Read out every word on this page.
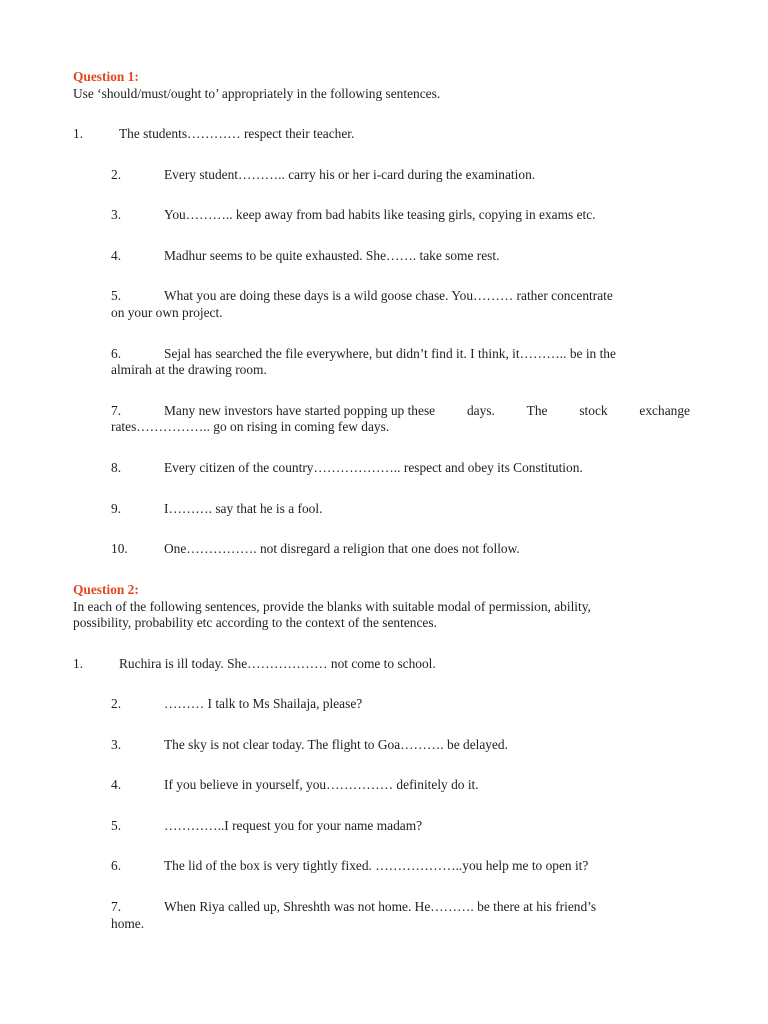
Question 1:
Use ‘should/must/ought to’ appropriately in the following sentences.
1.	The students………… respect their teacher.
2.	Every student……….. carry his or her i-card during the examination.
3.	You……….. keep away from bad habits like teasing girls, copying in exams etc.
4.	Madhur seems to be quite exhausted. She……. take some rest.
5.	What you are doing these days is a wild goose chase. You……… rather concentrate
on your own project.
6.	Sejal has searched the file everywhere, but didn’t find it. I think, it……….. be in the
almirah at the drawing room.
7.	Many new investors have started popping up these days. The stock exchange
rates…………….. go on rising in coming few days.
8.	Every citizen of the country……………….. respect and obey its Constitution.
9.	I………. say that he is a fool.
10.	One……………. not disregard a religion that one does not follow.
Question 2:
In each of the following sentences, provide the blanks with suitable modal of permission, ability,
possibility, probability etc according to the context of the sentences.
1.	Ruchira is ill today. She……………… not come to school.
2.	……… I talk to Ms Shailaja, please?
3.	The sky is not clear today. The flight to Goa………. be delayed.
4.	If you believe in yourself, you…………… definitely do it.
5.	…………..I request you for your name madam?
6.	The lid of the box is very tightly fixed. ………………..you help me to open it?
7.	When Riya called up, Shreshth was not home. He………. be there at his friend’s
home.
